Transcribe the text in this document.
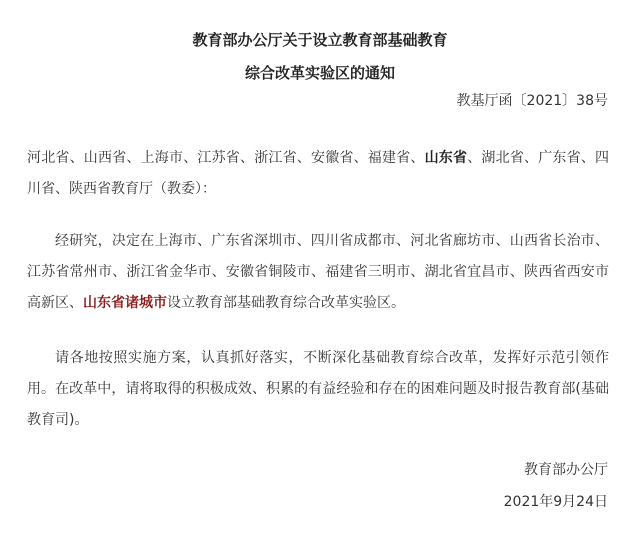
教育部办公厅关于设立教育部基础教育
综合改革实验区的通知
教基厅函〔2021〕38号
河北省、山西省、上海市、江苏省、浙江省、安徽省、福建省、山东省、湖北省、广东省、四川省、陕西省教育厅（教委）：
经研究，决定在上海市、广东省深圳市、四川省成都市、河北省廊坊市、山西省长治市、江苏省常州市、浙江省金华市、安徽省铜陵市、福建省三明市、湖北省宜昌市、陕西省西安市高新区、山东省诸城市设立教育部基础教育综合改革实验区。
请各地按照实施方案，认真抓好落实，不断深化基础教育综合改革，发挥好示范引领作用。在改革中，请将取得的积极成效、积累的有益经验和存在的困难问题及时报告教育部(基础教育司)。
教育部办公厅
2021年9月24日
